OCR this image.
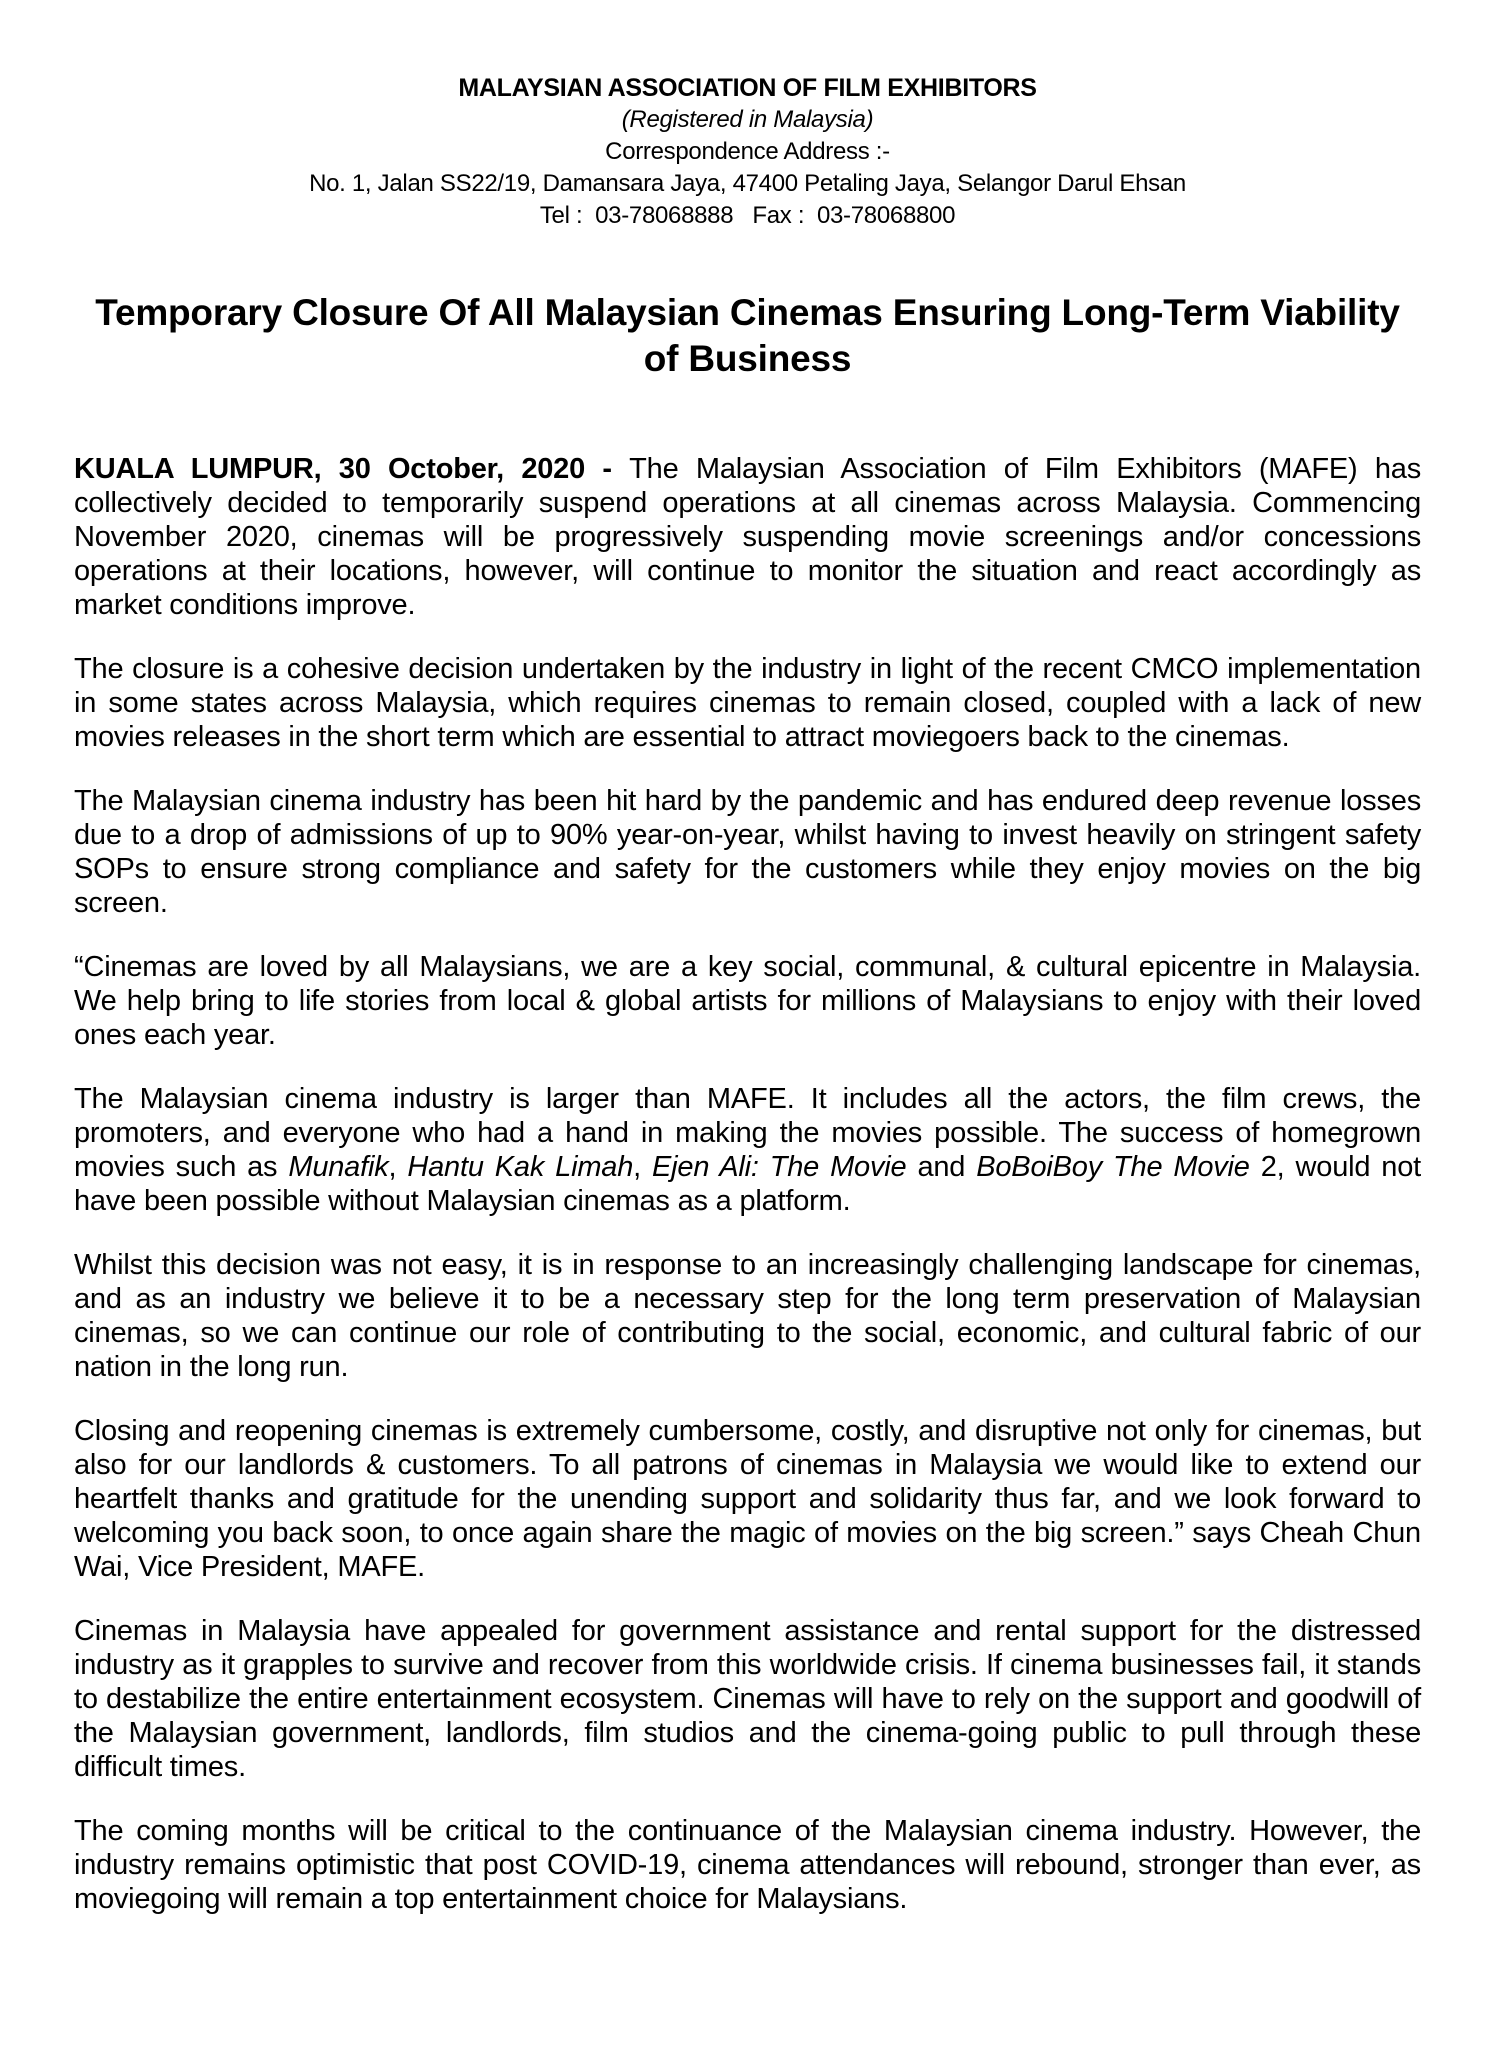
MALAYSIAN ASSOCIATION OF FILM EXHIBITORS
(Registered in Malaysia)
Correspondence Address :-
No. 1, Jalan SS22/19, Damansara Jaya, 47400 Petaling Jaya, Selangor Darul Ehsan
Tel :  03-78068888   Fax :  03-78068800
Temporary Closure Of All Malaysian Cinemas Ensuring Long-Term Viability of Business

KUALA LUMPUR, 30 October, 2020 - The Malaysian Association of Film Exhibitors (MAFE) has collectively decided to temporarily suspend operations at all cinemas across Malaysia. Commencing November 2020, cinemas will be progressively suspending movie screenings and/or concessions operations at their locations, however, will continue to monitor the situation and react accordingly as market conditions improve.

The closure is a cohesive decision undertaken by the industry in light of the recent CMCO implementation in some states across Malaysia, which requires cinemas to remain closed, coupled with a lack of new movies releases in the short term which are essential to attract moviegoers back to the cinemas.

The Malaysian cinema industry has been hit hard by the pandemic and has endured deep revenue losses due to a drop of admissions of up to 90% year-on-year, whilst having to invest heavily on stringent safety SOPs to ensure strong compliance and safety for the customers while they enjoy movies on the big screen.

“Cinemas are loved by all Malaysians, we are a key social, communal, & cultural epicentre in Malaysia. We help bring to life stories from local & global artists for millions of Malaysians to enjoy with their loved ones each year.

The Malaysian cinema industry is larger than MAFE. It includes all the actors, the film crews, the promoters, and everyone who had a hand in making the movies possible. The success of homegrown movies such as Munafik, Hantu Kak Limah, Ejen Ali: The Movie and BoBoiBoy The Movie 2, would not have been possible without Malaysian cinemas as a platform.

Whilst this decision was not easy, it is in response to an increasingly challenging landscape for cinemas, and as an industry we believe it to be a necessary step for the long term preservation of Malaysian cinemas, so we can continue our role of contributing to the social, economic, and cultural fabric of our nation in the long run.

Closing and reopening cinemas is extremely cumbersome, costly, and disruptive not only for cinemas, but also for our landlords & customers. To all patrons of cinemas in Malaysia we would like to extend our heartfelt thanks and gratitude for the unending support and solidarity thus far, and we look forward to welcoming you back soon, to once again share the magic of movies on the big screen.” says Cheah Chun Wai, Vice President, MAFE.

Cinemas in Malaysia have appealed for government assistance and rental support for the distressed industry as it grapples to survive and recover from this worldwide crisis. If cinema businesses fail, it stands to destabilize the entire entertainment ecosystem. Cinemas will have to rely on the support and goodwill of the Malaysian government, landlords, film studios and the cinema-going public to pull through these difficult times.

The coming months will be critical to the continuance of the Malaysian cinema industry. However, the industry remains optimistic that post COVID-19, cinema attendances will rebound, stronger than ever, as moviegoing will remain a top entertainment choice for Malaysians.
